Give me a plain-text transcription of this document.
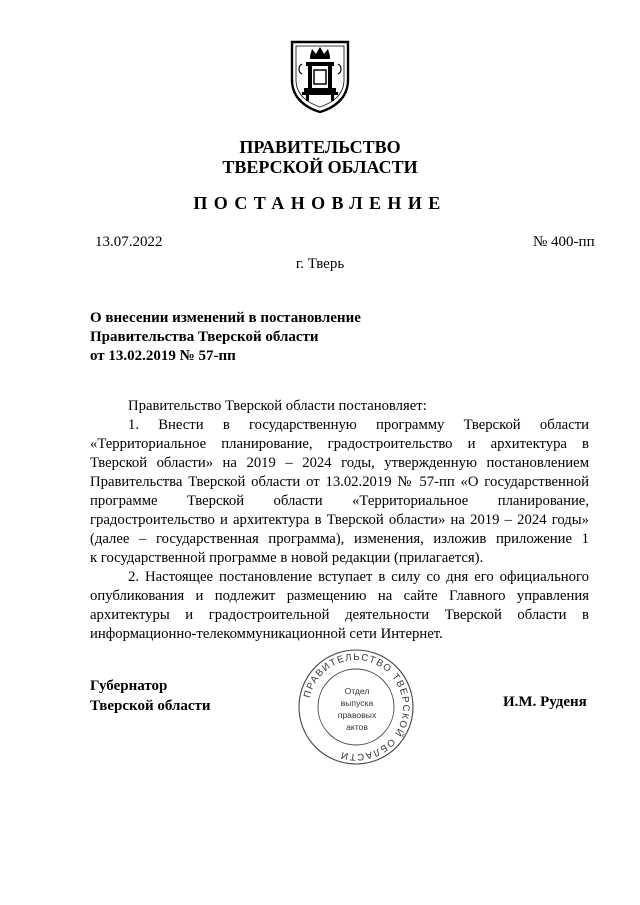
ПРАВИТЕЛЬСТВО
ТВЕРСКОЙ ОБЛАСТИ
ПОСТАНОВЛЕНИЕ
13.07.2022	№ 400-пп
г. Тверь
О внесении изменений в постановление
Правительства Тверской области
от 13.02.2019 № 57-пп
Правительство Тверской области постановляет:
1. Внести в государственную программу Тверской области
«Территориальное планирование, градостроительство и архитектура в
Тверской области» на 2019 – 2024 годы, утвержденную постановлением
Правительства Тверской области от 13.02.2019 № 57-пп «О государственной
программе Тверской области «Территориальное планирование,
градостроительство и архитектура в Тверской области» на 2019 – 2024 годы»
(далее – государственная программа), изменения, изложив приложение 1
к государственной программе в новой редакции (прилагается).
2. Настоящее постановление вступает в силу со дня его официального
опубликования и подлежит размещению на сайте Главного управления
архитектуры и градостроительной деятельности Тверской области в
информационно-телекоммуникационной сети Интернет.
Губернатор
Тверской области	И.М. Руденя
ПРАВИТЕЛЬСТВО ТВЕРСКОЙ ОБЛАСТИ
Отдел
выпуска
правовых
актов
